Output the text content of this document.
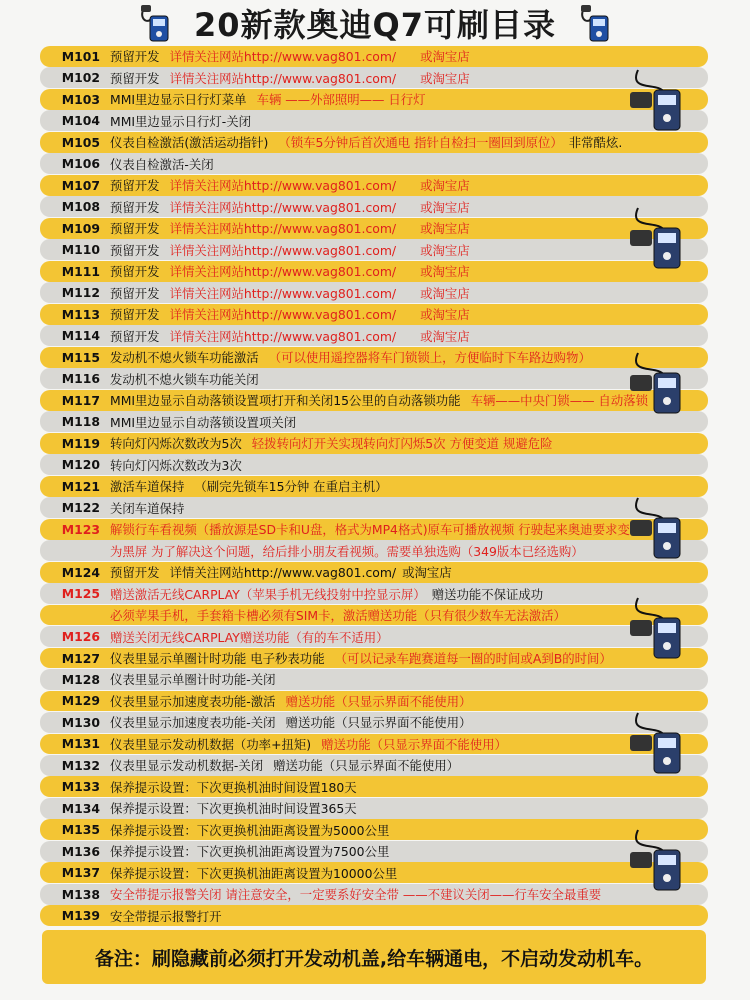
20新款奥迪Q7可刷目录
M101 预留开发 详情关注网站http://www.vag801.com/	或淘宝店
M102 预留开发 详情关注网站http://www.vag801.com/	或淘宝店
M103 MMI里边显示日行灯菜单 车辆 ——外部照明—— 日行灯
M104 MMI里边显示日行灯-关闭
M105 仪表自检激活(激活运动指针) （锁车5分钟后首次通电 指针自检扫一圈回到原位） 非常酷炫.
M106 仪表自检激活-关闭
M107 预留开发 详情关注网站http://www.vag801.com/	或淘宝店
M108 预留开发 详情关注网站http://www.vag801.com/	或淘宝店
M109 预留开发 详情关注网站http://www.vag801.com/	或淘宝店
M110 预留开发 详情关注网站http://www.vag801.com/	或淘宝店
M111 预留开发 详情关注网站http://www.vag801.com/	或淘宝店
M112 预留开发 详情关注网站http://www.vag801.com/	或淘宝店
M113 预留开发 详情关注网站http://www.vag801.com/	或淘宝店
M114 预留开发 详情关注网站http://www.vag801.com/	或淘宝店
M115 发动机不熄火锁车功能激活 （可以使用遥控器将车门锁锁上，方便临时下车路边购物）
M116 发动机不熄火锁车功能关闭
M117 MMI里边显示自动落锁设置项打开和关闭15公里的自动落锁功能 车辆——中央门锁—— 自动落锁
M118 MMI里边显示自动落锁设置项关闭
M119 转向灯闪烁次数改为5次 轻拨转向灯开关实现转向灯闪烁5次 方便变道 规避危险
M120 转向灯闪烁次数改为3次
M121 激活车道保持 （刷完先锁车15分钟 在重启主机）
M122 关闭车道保持
M123 解锁行车看视频（播放源是SD卡和U盘，格式为MP4格式)原车可播放视频 行驶起来奥迪要求变
为黑屏 为了解决这个问题，给后排小朋友看视频。需要单独选购（349版本已经选购）
M124 预留开发 详情关注网站http://www.vag801.com/ 或淘宝店
M125 赠送激活无线CARPLAY（苹果手机无线投射中控显示屏） 赠送功能不保证成功
必须苹果手机，手套箱卡槽必须有SIM卡，激活赠送功能（只有很少数车无法激活）
M126 赠送关闭无线CARPLAY赠送功能（有的车不适用）
M127 仪表里显示单圈计时功能 电子秒表功能 （可以记录车跑赛道每一圈的时间或A到B的时间）
M128 仪表里显示单圈计时功能-关闭
M129 仪表里显示加速度表功能-激活 赠送功能（只显示界面不能使用）
M130 仪表里显示加速度表功能-关闭 赠送功能（只显示界面不能使用）
M131 仪表里显示发动机数据（功率+扭矩) 赠送功能（只显示界面不能使用）
M132 仪表里显示发动机数据-关闭 赠送功能（只显示界面不能使用）
M133 保养提示设置：下次更换机油时间设置180天
M134 保养提示设置：下次更换机油时间设置365天
M135 保养提示设置：下次更换机油距离设置为5000公里
M136 保养提示设置：下次更换机油距离设置为7500公里
M137 保养提示设置：下次更换机油距离设置为10000公里
M138 安全带提示报警关闭 请注意安全，一定要系好安全带 ——不建议关闭——行车安全最重要
M139 安全带提示报警打开
备注： 刷隐藏前必须打开发动机盖,给车辆通电，不启动发动机车。
